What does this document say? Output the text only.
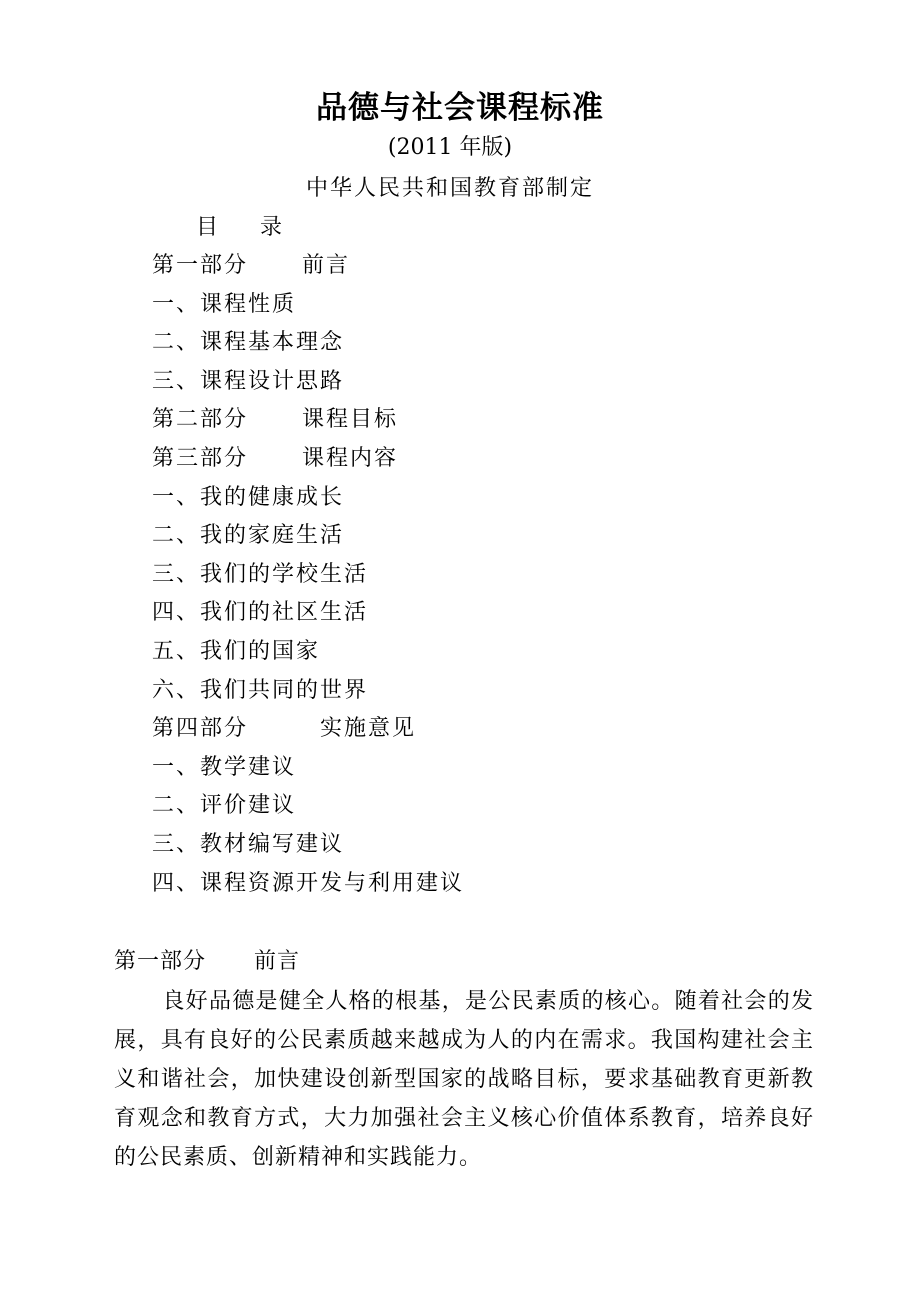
品德与社会课程标准
(2011 年版)
中华人民共和国教育部制定
目      录
第一部分      前言
一、课程性质
二、课程基本理念
三、课程设计思路
第二部分      课程目标
第三部分      课程内容
一、我的健康成长
二、我的家庭生活
三、我们的学校生活
四、我们的社区生活
五、我们的国家
六、我们共同的世界
第四部分        实施意见
一、教学建议
二、评价建议
三、教材编写建议
四、课程资源开发与利用建议
第一部分      前言

良好品德是健全人格的根基，是公民素质的核心。随着社会的发展，具有良好的公民素质越来越成为人的内在需求。我国构建社会主义和谐社会，加快建设创新型国家的战略目标，要求基础教育更新教育观念和教育方式，大力加强社会主义核心价值体系教育，培养良好的公民素质、创新精神和实践能力。
